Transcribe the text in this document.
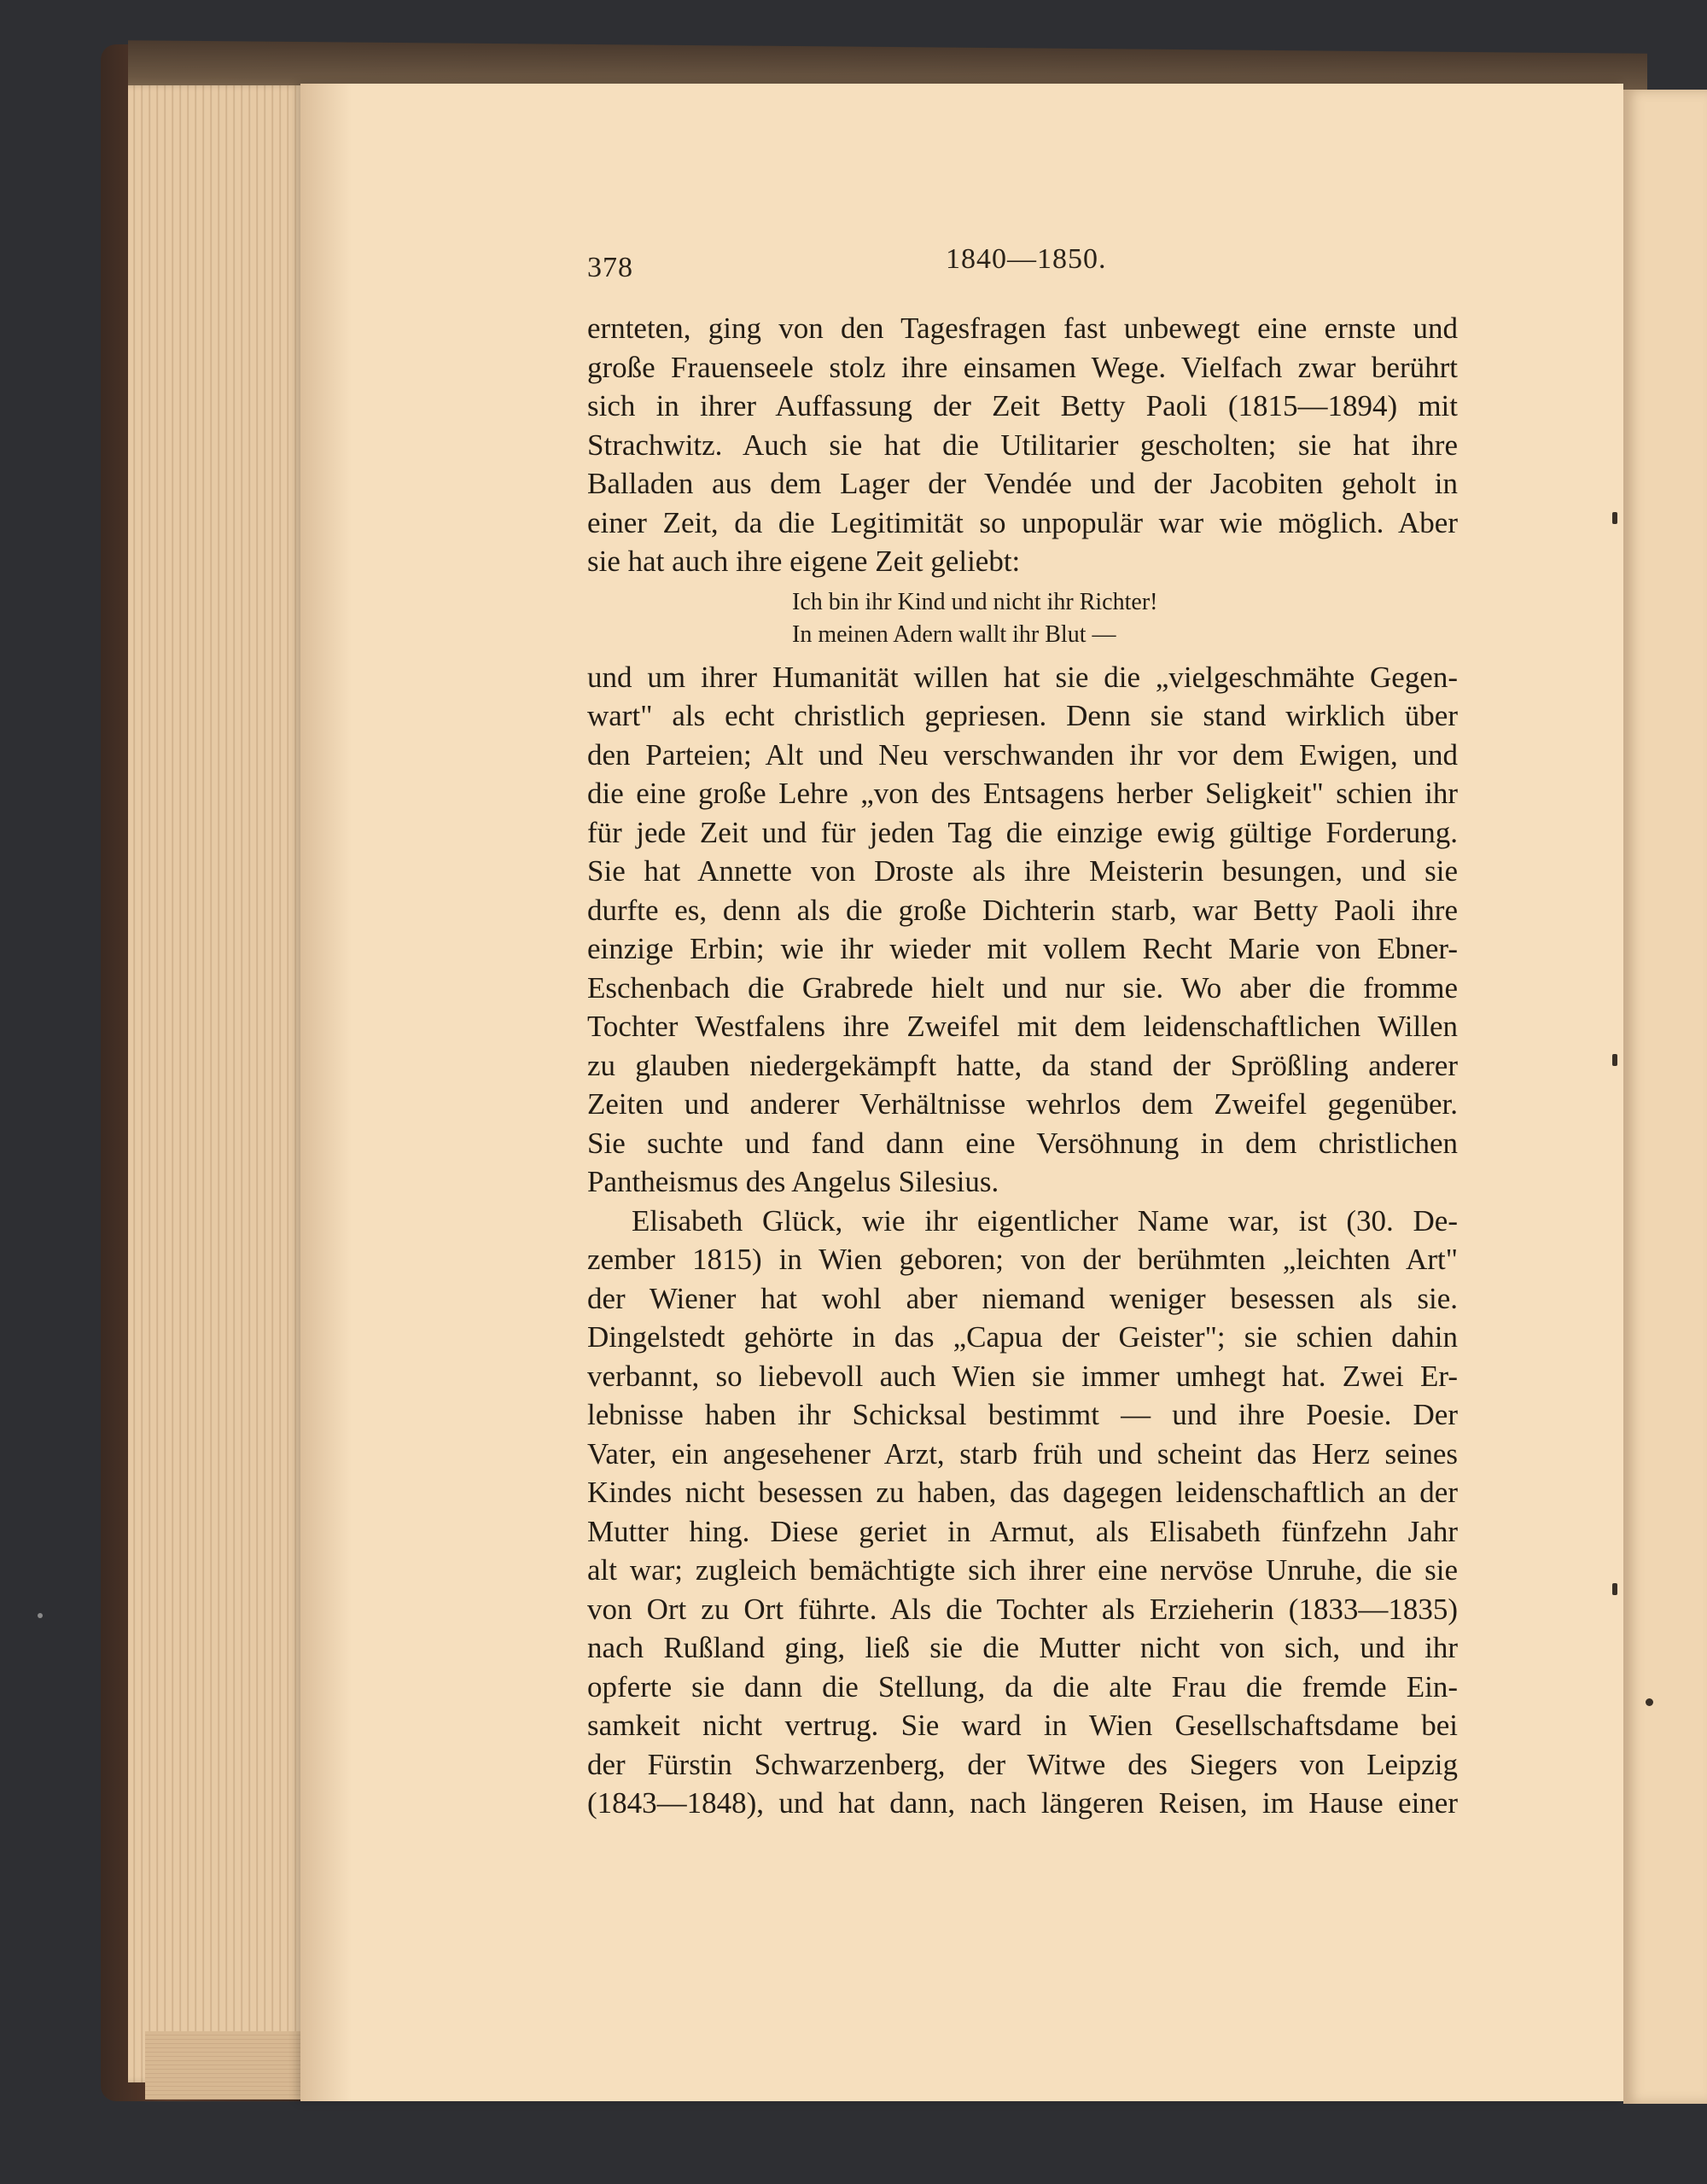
378	1840—1850.
ernteten, ging von den Tagesfragen fast unbewegt eine ernste und
große Frauenseele stolz ihre einsamen Wege. Vielfach zwar berührt
sich in ihrer Auffassung der Zeit Betty Paoli (1815—1894) mit
Strachwitz. Auch sie hat die Utilitarier gescholten; sie hat ihre
Balladen aus dem Lager der Vendée und der Jacobiten geholt in
einer Zeit, da die Legitimität so unpopulär war wie möglich. Aber
sie hat auch ihre eigene Zeit geliebt:
Ich bin ihr Kind und nicht ihr Richter!
In meinen Adern wallt ihr Blut —
und um ihrer Humanität willen hat sie die „vielgeschmähte Gegen-
wart" als echt christlich gepriesen. Denn sie stand wirklich über
den Parteien; Alt und Neu verschwanden ihr vor dem Ewigen, und
die eine große Lehre „von des Entsagens herber Seligkeit" schien ihr
für jede Zeit und für jeden Tag die einzige ewig gültige Forderung.
Sie hat Annette von Droste als ihre Meisterin besungen, und sie
durfte es, denn als die große Dichterin starb, war Betty Paoli ihre
einzige Erbin; wie ihr wieder mit vollem Recht Marie von Ebner-
Eschenbach die Grabrede hielt und nur sie. Wo aber die fromme
Tochter Westfalens ihre Zweifel mit dem leidenschaftlichen Willen
zu glauben niedergekämpft hatte, da stand der Sprößling anderer
Zeiten und anderer Verhältnisse wehrlos dem Zweifel gegenüber.
Sie suchte und fand dann eine Versöhnung in dem christlichen
Pantheismus des Angelus Silesius.
Elisabeth Glück, wie ihr eigentlicher Name war, ist (30. De-
zember 1815) in Wien geboren; von der berühmten „leichten Art"
der Wiener hat wohl aber niemand weniger besessen als sie.
Dingelstedt gehörte in das „Capua der Geister"; sie schien dahin
verbannt, so liebevoll auch Wien sie immer umhegt hat. Zwei Er-
lebnisse haben ihr Schicksal bestimmt — und ihre Poesie. Der
Vater, ein angesehener Arzt, starb früh und scheint das Herz seines
Kindes nicht besessen zu haben, das dagegen leidenschaftlich an der
Mutter hing. Diese geriet in Armut, als Elisabeth fünfzehn Jahr
alt war; zugleich bemächtigte sich ihrer eine nervöse Unruhe, die sie
von Ort zu Ort führte. Als die Tochter als Erzieherin (1833—1835)
nach Rußland ging, ließ sie die Mutter nicht von sich, und ihr
opferte sie dann die Stellung, da die alte Frau die fremde Ein-
samkeit nicht vertrug. Sie ward in Wien Gesellschaftsdame bei
der Fürstin Schwarzenberg, der Witwe des Siegers von Leipzig
(1843—1848), und hat dann, nach längeren Reisen, im Hause einer
